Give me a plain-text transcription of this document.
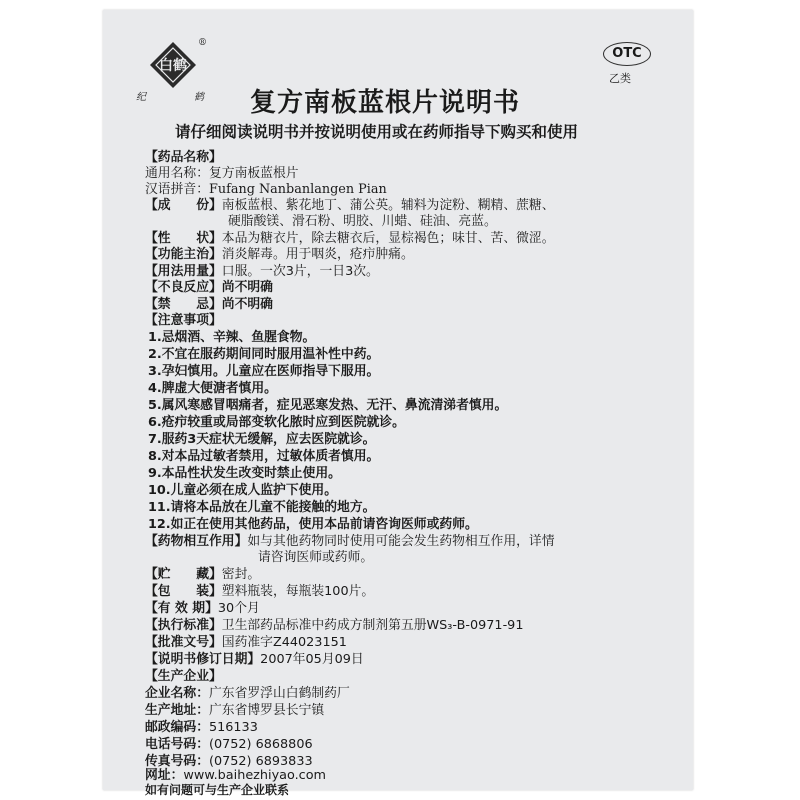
白鹤
®
纪	鹤
OTC
乙类
复方南板蓝根片说明书
请仔细阅读说明书并按说明使用或在药师指导下购买和使用
【药品名称】
通用名称：复方南板蓝根片
汉语拼音：Fufang Nanbanlangen Pian
【成　　份】南板蓝根、紫花地丁、蒲公英。辅料为淀粉、糊精、蔗糖、
硬脂酸镁、滑石粉、明胶、川蜡、硅油、亮蓝。
【性　　状】本品为糖衣片，除去糖衣后，显棕褐色；味甘、苦、微涩。
【功能主治】消炎解毒。用于咽炎，疮疖肿痛。
【用法用量】口服。一次3片，一日3次。
【不良反应】尚不明确
【禁　　忌】尚不明确
【注意事项】
1.忌烟酒、辛辣、鱼腥食物。
2.不宜在服药期间同时服用温补性中药。
3.孕妇慎用。儿童应在医师指导下服用。
4.脾虚大便溏者慎用。
5.属风寒感冒咽痛者，症见恶寒发热、无汗、鼻流清涕者慎用。
6.疮疖较重或局部变软化脓时应到医院就诊。
7.服药3天症状无缓解，应去医院就诊。
8.对本品过敏者禁用，过敏体质者慎用。
9.本品性状发生改变时禁止使用。
10.儿童必须在成人监护下使用。
11.请将本品放在儿童不能接触的地方。
12.如正在使用其他药品，使用本品前请咨询医师或药师。
【药物相互作用】如与其他药物同时使用可能会发生药物相互作用，详情
请咨询医师或药师。
【贮　　藏】密封。
【包　　装】塑料瓶装，每瓶装100片。
【有 效 期】30个月
【执行标准】卫生部药品标准中药成方制剂第五册WS₃-B-0971-91
【批准文号】国药准字Z44023151
【说明书修订日期】2007年05月09日
【生产企业】
企业名称：广东省罗浮山白鹤制药厂
生产地址：广东省博罗县长宁镇
邮政编码：516133
电话号码：(0752) 6868806
传真号码：(0752) 6893833
网址：www.baihezhiyao.com
如有问题可与生产企业联系
